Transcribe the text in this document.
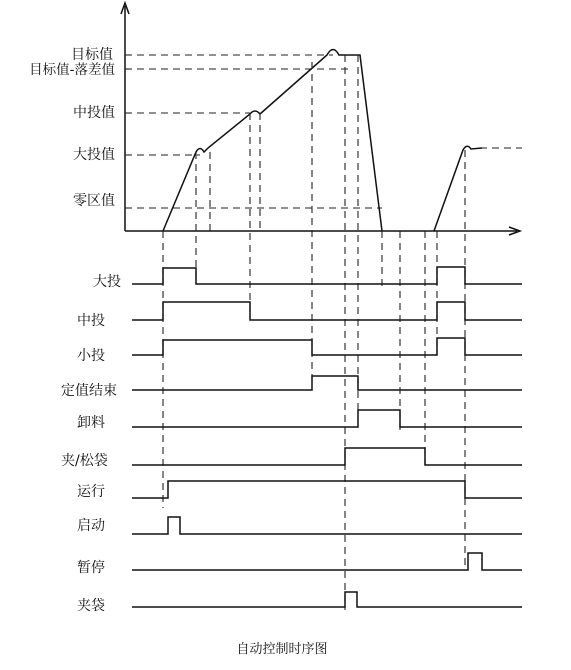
目标值
目标值-落差值
中投值
大投值
零区值
大投
中投
小投
定值结束
卸料
夹/松袋
运行
启动
暂停
夹袋
自动控制时序图
